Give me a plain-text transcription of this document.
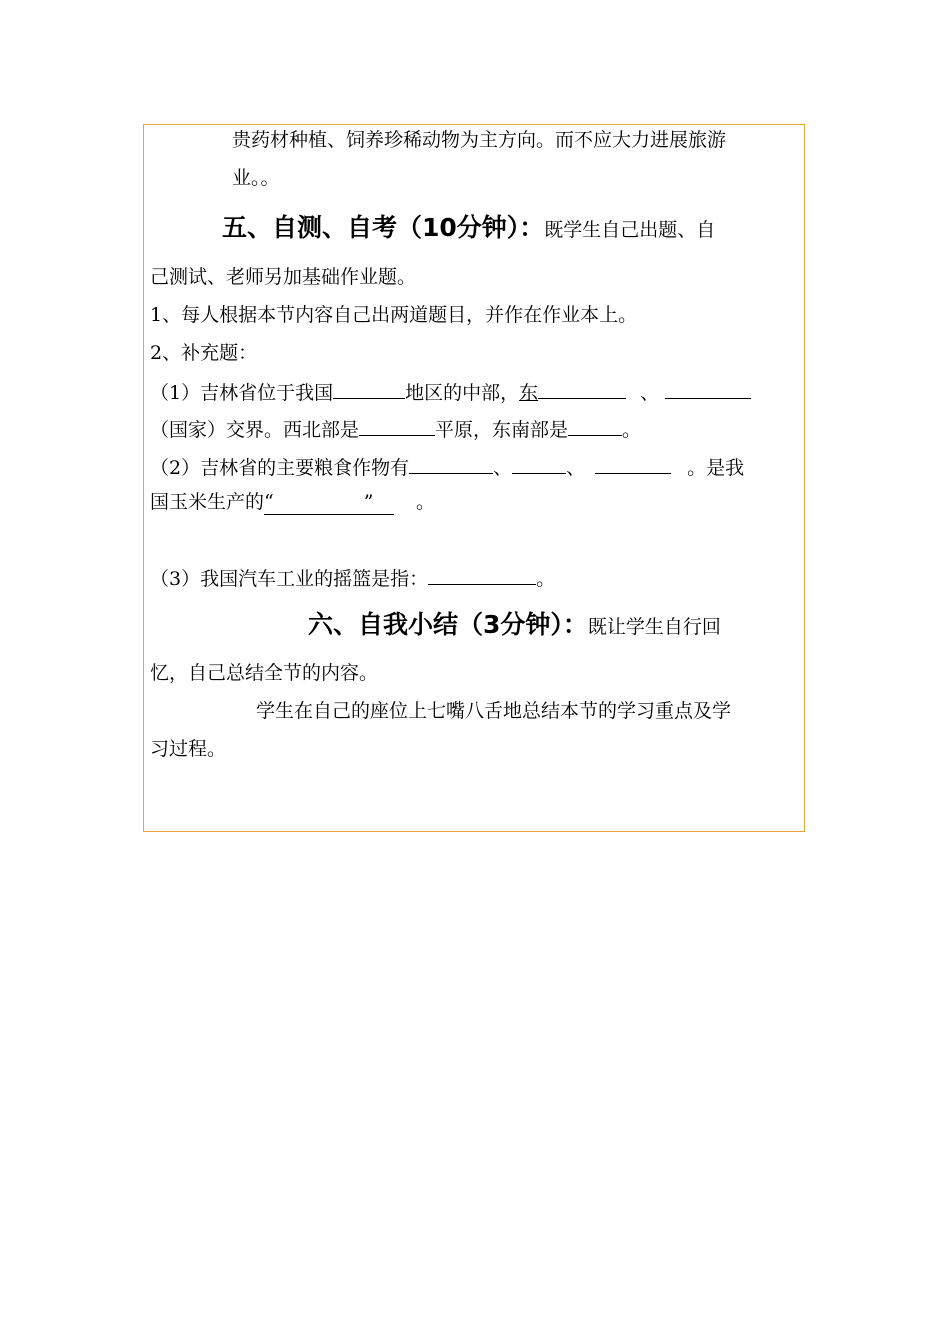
贵药材种植、饲养珍稀动物为主方向。而不应大力进展旅游
业。。
五、自测、自考（10分钟）：既学生自己出题、自
己测试、老师另加基础作业题。
1、每人根据本节内容自己出两道题目，并作在作业本上。
2、补充题：
（1）吉林省位于我国	地区的中部，东	、
（国家）交界。西北部是	平原，东南部是	。
（2）吉林省的主要粮食作物有	、	、	。是我
国玉米生产的“	” 。
（3）我国汽车工业的摇篮是指：	。
六、自我小结（3分钟）：既让学生自行回
忆，自己总结全节的内容。
学生在自己的座位上七嘴八舌地总结本节的学习重点及学
习过程。
